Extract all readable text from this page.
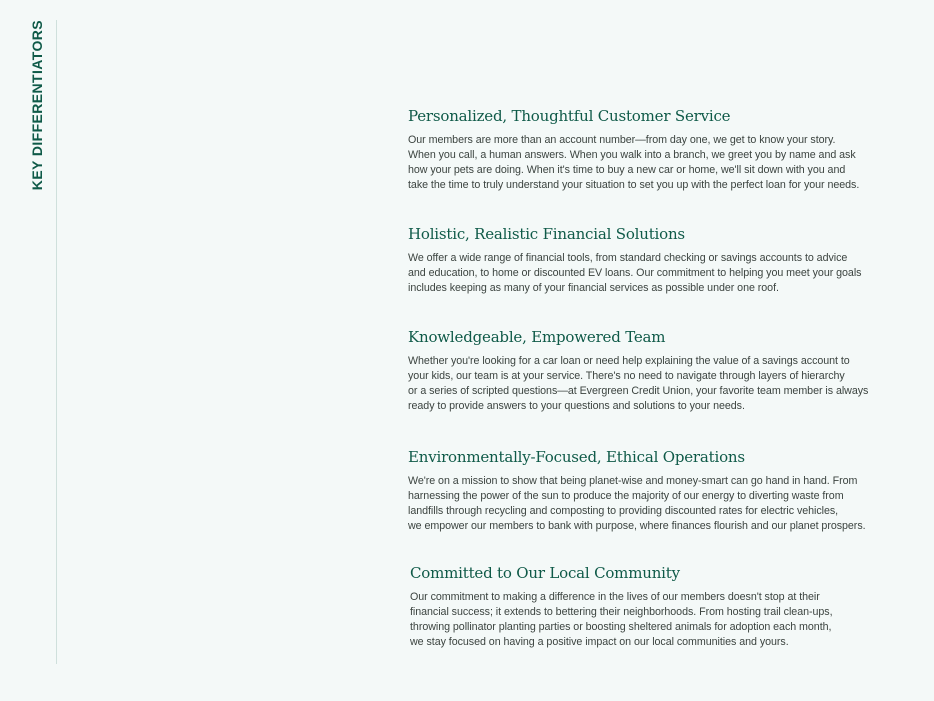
KEY DIFFERENTIATORS	Personalized, Thoughtful Customer Service

Our members are more than an account number—from day one, we get to know your story.
When you call, a human answers. When you walk into a branch, we greet you by name and ask
how your pets are doing. When it's time to buy a new car or home, we'll sit down with you and
take the time to truly understand your situation to set you up with the perfect loan for your needs.

Holistic, Realistic Financial Solutions

We offer a wide range of financial tools, from standard checking or savings accounts to advice
and education, to home or discounted EV loans. Our commitment to helping you meet your goals
includes keeping as many of your financial services as possible under one roof.

Knowledgeable, Empowered Team

Whether you're looking for a car loan or need help explaining the value of a savings account to
your kids, our team is at your service. There's no need to navigate through layers of hierarchy
or a series of scripted questions—at Evergreen Credit Union, your favorite team member is always
ready to provide answers to your questions and solutions to your needs.

Environmentally-Focused, Ethical Operations

We're on a mission to show that being planet-wise and money-smart can go hand in hand. From
harnessing the power of the sun to produce the majority of our energy to diverting waste from
landfills through recycling and composting to providing discounted rates for electric vehicles,
we empower our members to bank with purpose, where finances flourish and our planet prospers.

Committed to Our Local Community

Our commitment to making a difference in the lives of our members doesn't stop at their
financial success; it extends to bettering their neighborhoods. From hosting trail clean-ups,
throwing pollinator planting parties or boosting sheltered animals for adoption each month,
we stay focused on having a positive impact on our local communities and yours.
